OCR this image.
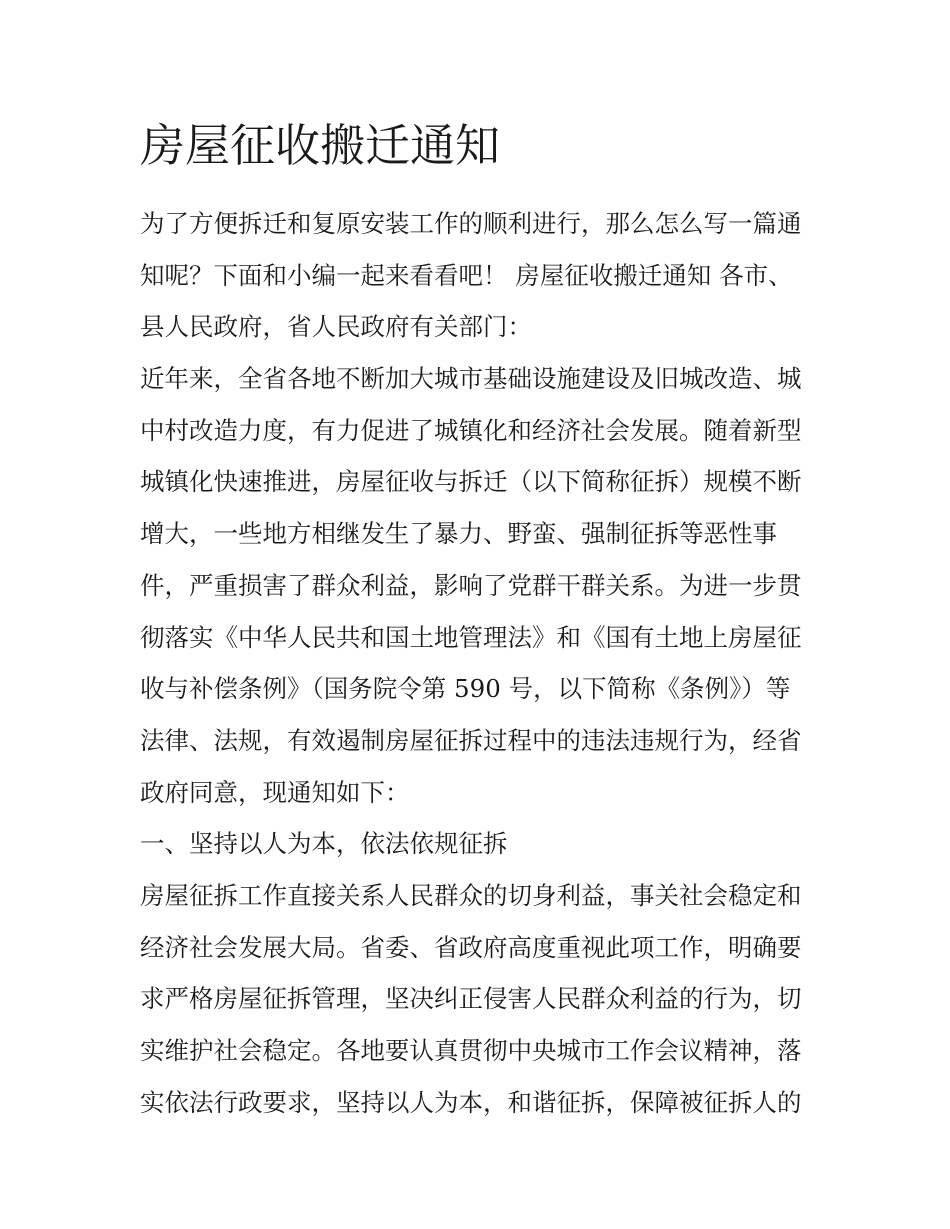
房屋征收搬迁通知
为了方便拆迁和复原安装工作的顺利进行，那么怎么写一篇通
知呢？下面和小编一起来看看吧！ 房屋征收搬迁通知 各市、
县人民政府，省人民政府有关部门：
近年来，全省各地不断加大城市基础设施建设及旧城改造、城
中村改造力度，有力促进了城镇化和经济社会发展。随着新型
城镇化快速推进，房屋征收与拆迁（以下简称征拆）规模不断
增大，一些地方相继发生了暴力、野蛮、强制征拆等恶性事
件，严重损害了群众利益，影响了党群干群关系。为进一步贯
彻落实《中华人民共和国土地管理法》和《国有土地上房屋征
收与补偿条例》（国务院令第 590 号，以下简称《条例》）等
法律、法规，有效遏制房屋征拆过程中的违法违规行为，经省
政府同意，现通知如下：
一、坚持以人为本，依法依规征拆
房屋征拆工作直接关系人民群众的切身利益，事关社会稳定和
经济社会发展大局。省委、省政府高度重视此项工作，明确要
求严格房屋征拆管理，坚决纠正侵害人民群众利益的行为，切
实维护社会稳定。各地要认真贯彻中央城市工作会议精神，落
实依法行政要求，坚持以人为本，和谐征拆，保障被征拆人的
